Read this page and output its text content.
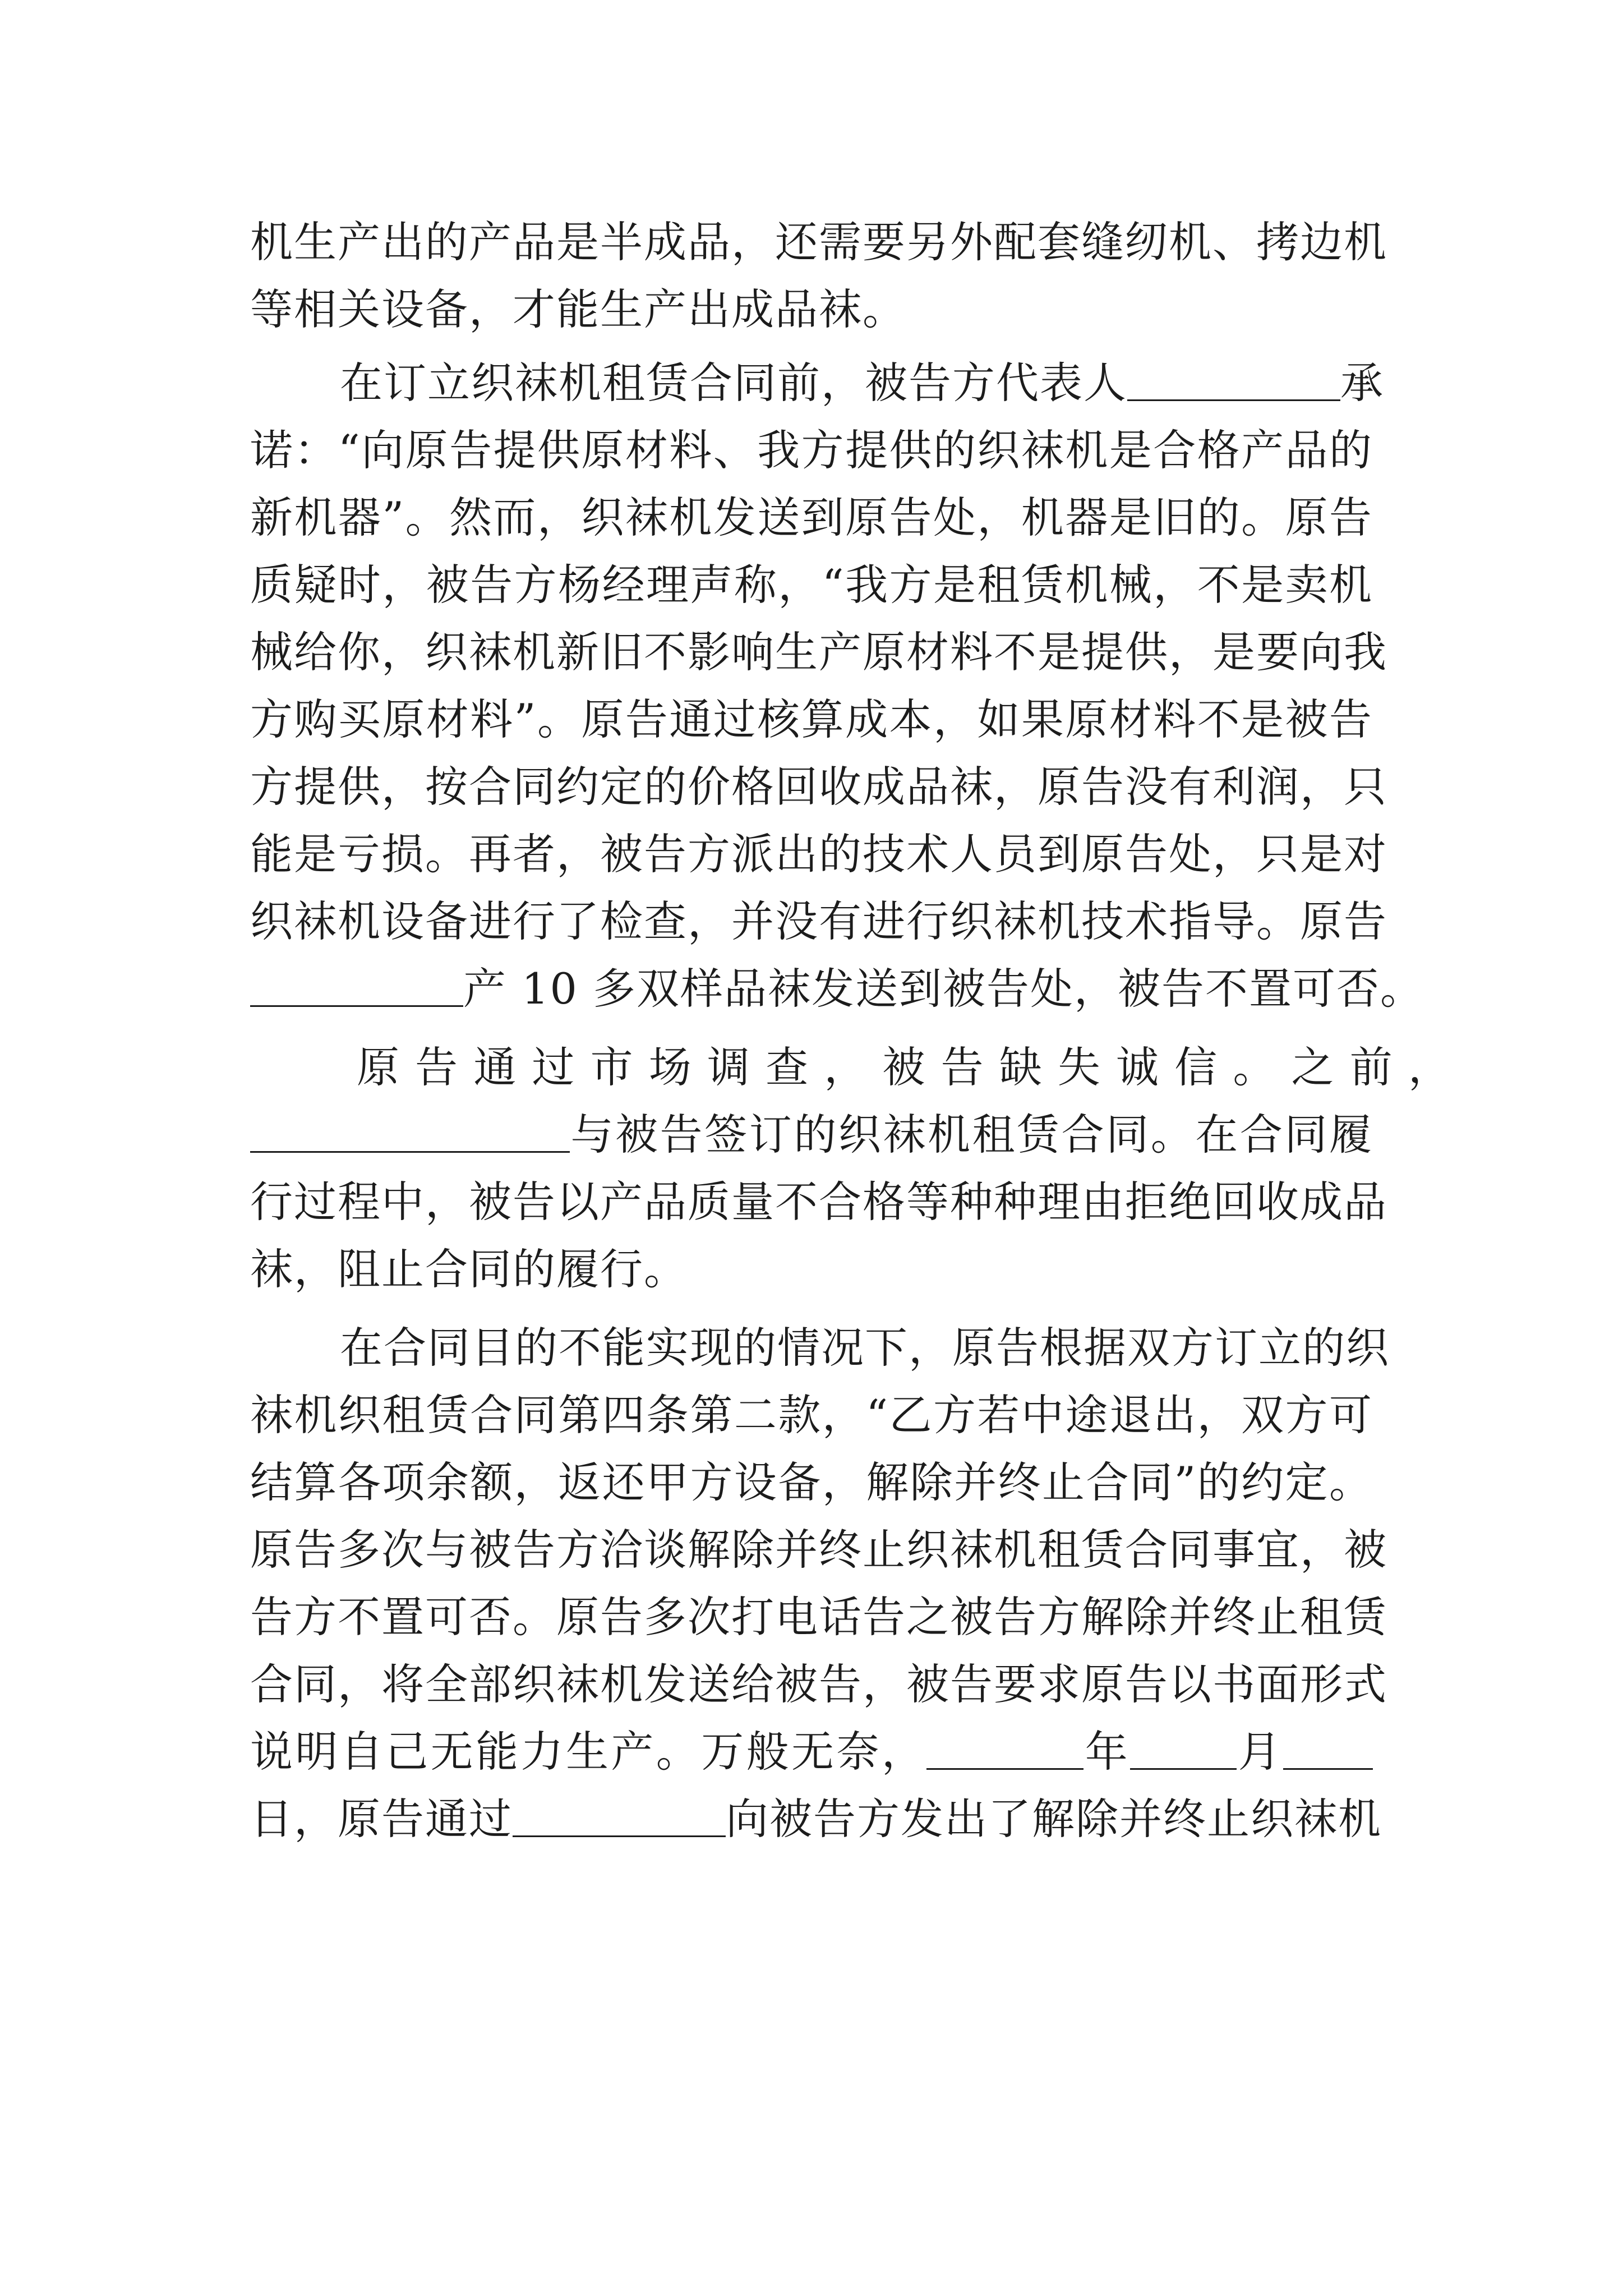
机生产出的产品是半成品，还需要另外配套缝纫机、拷边机
等相关设备，才能生产出成品袜。
在订立织袜机租赁合同前，被告方代表人	承
诺：“向原告提供原材料、我方提供的织袜机是合格产品的
新机器”。然而，织袜机发送到原告处，机器是旧的。原告
质疑时，被告方杨经理声称，“我方是租赁机械，不是卖机
械给你，织袜机新旧不影响生产原材料不是提供，是要向我
方购买原材料”。原告通过核算成本，如果原材料不是被告
方提供，按合同约定的价格回收成品袜，原告没有利润，只
能是亏损。再者，被告方派出的技术人员到原告处，只是对
织袜机设备进行了检查，并没有进行织袜机技术指导。原告
产 10 多双样品袜发送到被告处，被告不置可否。
原 告 通 过 市 场 调 查 ， 被 告 缺 失 诚 信 。 之 前 ，
与被告签订的织袜机租赁合同。在合同履
行过程中，被告以产品质量不合格等种种理由拒绝回收成品
袜，阻止合同的履行。
在合同目的不能实现的情况下，原告根据双方订立的织
袜机织租赁合同第四条第二款，“乙方若中途退出，双方可
结算各项余额，返还甲方设备，解除并终止合同”的约定。
原告多次与被告方洽谈解除并终止织袜机租赁合同事宜，被
告方不置可否。原告多次打电话告之被告方解除并终止租赁
合同，将全部织袜机发送给被告，被告要求原告以书面形式
说明自己无能力生产。万般无奈，	年	月
日，原告通过	向被告方发出了解除并终止织袜机
